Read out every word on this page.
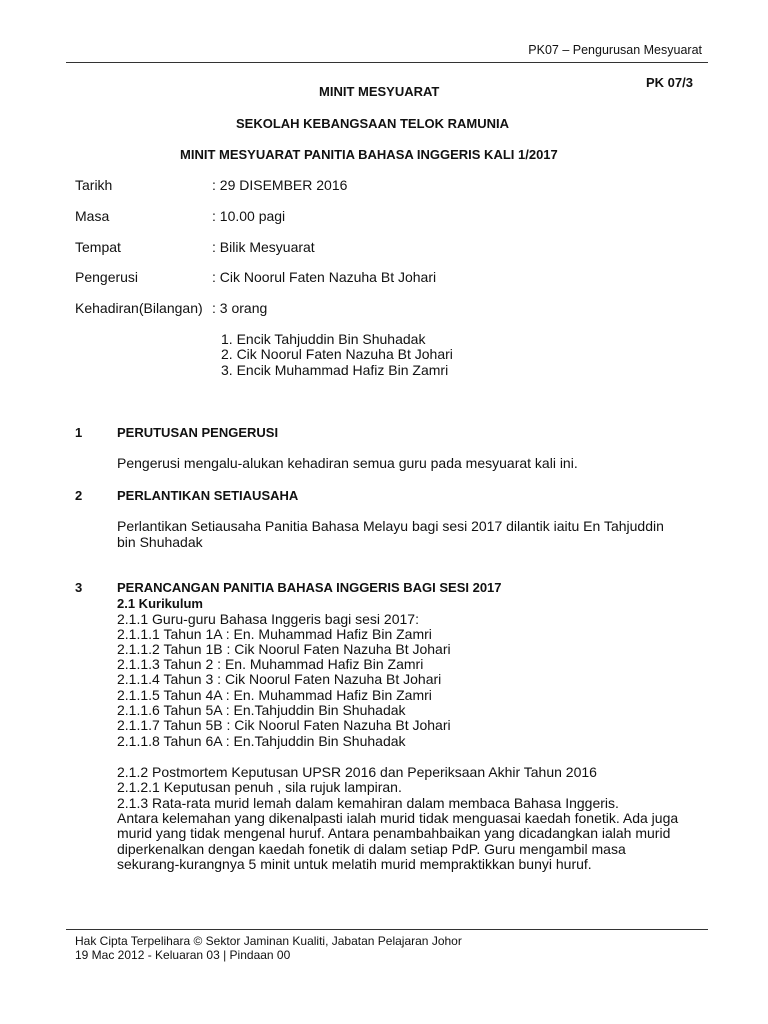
PK07 – Pengurusan Mesyuarat
PK 07/3
MINIT MESYUARAT
SEKOLAH KEBANGSAAN TELOK RAMUNIA
MINIT MESYUARAT PANITIA BAHASA INGGERIS KALI 1/2017
Tarikh	: 29 DISEMBER 2016
Masa	: 10.00 pagi
Tempat	: Bilik Mesyuarat
Pengerusi	: Cik Noorul Faten Nazuha Bt Johari
Kehadiran(Bilangan) : 3 orang
1. Encik Tahjuddin Bin Shuhadak
2. Cik Noorul Faten Nazuha Bt Johari
3. Encik Muhammad Hafiz Bin Zamri
1	PERUTUSAN PENGERUSI
Pengerusi mengalu-alukan kehadiran semua guru pada mesyuarat kali ini.
2	PERLANTIKAN SETIAUSAHA
Perlantikan Setiausaha Panitia Bahasa Melayu bagi sesi 2017 dilantik iaitu En Tahjuddin
bin Shuhadak
3	PERANCANGAN PANITIA BAHASA INGGERIS BAGI SESI 2017
2.1 Kurikulum
2.1.1 Guru-guru Bahasa Inggeris bagi sesi 2017:
2.1.1.1 Tahun 1A : En. Muhammad Hafiz Bin Zamri
2.1.1.2 Tahun 1B : Cik Noorul Faten Nazuha Bt Johari
2.1.1.3 Tahun 2 : En. Muhammad Hafiz Bin Zamri
2.1.1.4 Tahun 3 : Cik Noorul Faten Nazuha Bt Johari
2.1.1.5 Tahun 4A : En. Muhammad Hafiz Bin Zamri
2.1.1.6 Tahun 5A : En.Tahjuddin Bin Shuhadak
2.1.1.7 Tahun 5B : Cik Noorul Faten Nazuha Bt Johari
2.1.1.8 Tahun 6A : En.Tahjuddin Bin Shuhadak
2.1.2 Postmortem Keputusan UPSR 2016 dan Peperiksaan Akhir Tahun 2016
2.1.2.1 Keputusan penuh , sila rujuk lampiran.
2.1.3 Rata-rata murid lemah dalam kemahiran dalam membaca Bahasa Inggeris.
Antara kelemahan yang dikenalpasti ialah murid tidak menguasai kaedah fonetik. Ada juga
murid yang tidak mengenal huruf. Antara penambahbaikan yang dicadangkan ialah murid
diperkenalkan dengan kaedah fonetik di dalam setiap PdP. Guru mengambil masa
sekurang-kurangnya 5 minit untuk melatih murid mempraktikkan bunyi huruf.
Hak Cipta Terpelihara © Sektor Jaminan Kualiti, Jabatan Pelajaran Johor
19 Mac 2012 - Keluaran 03 | Pindaan 00
